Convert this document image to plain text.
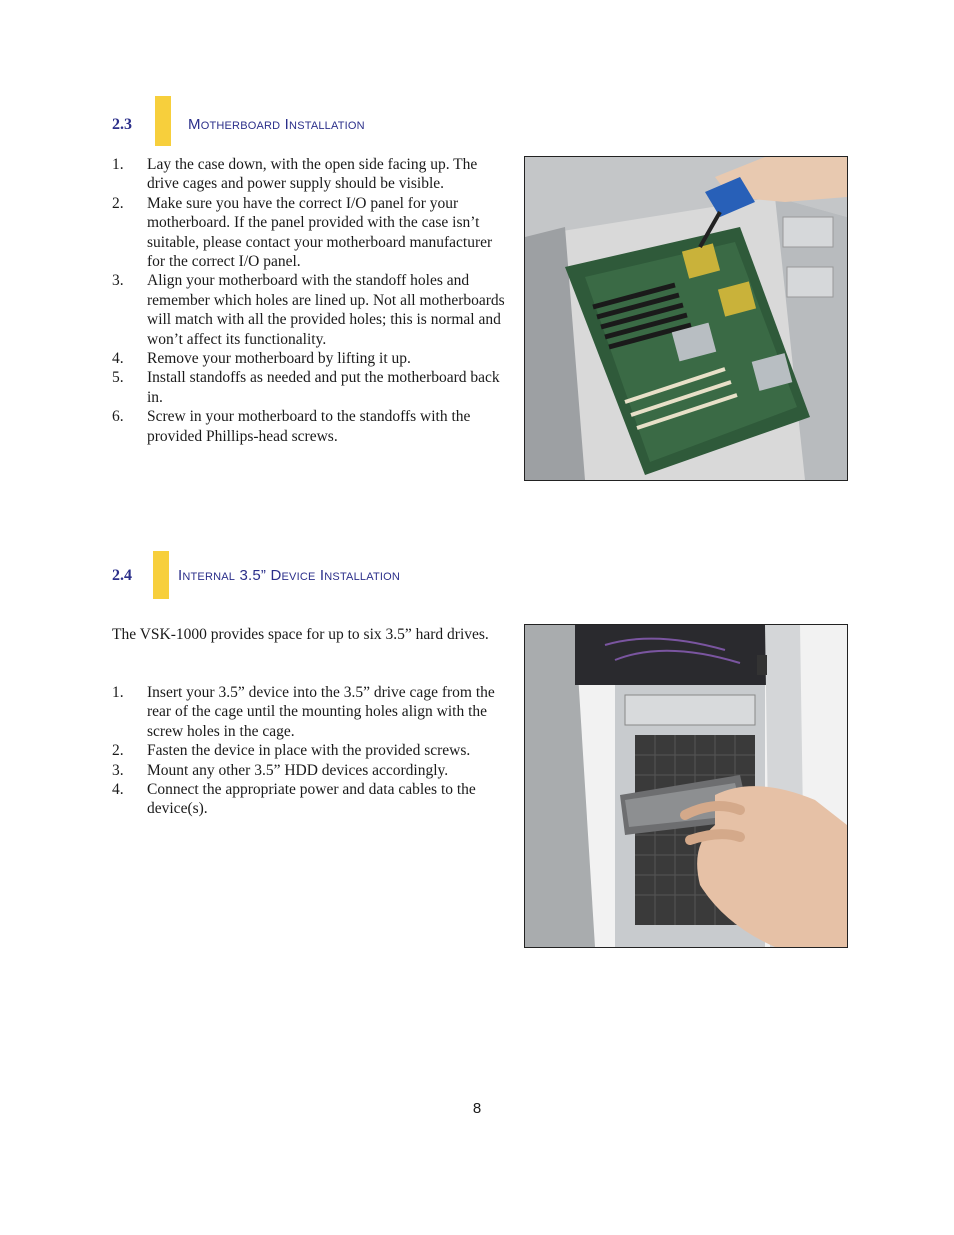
2.3	Motherboard Installation
1.	Lay the case down, with the open side facing up. The drive cages and power supply should be visible.
2.	Make sure you have the correct I/O panel for your motherboard. If the panel provided with the case isn’t suitable, please contact your motherboard manufacturer for the correct I/O panel.
3.	Align your motherboard with the standoff holes and remember which holes are lined up. Not all motherboards will match with all the provided holes; this is normal and won’t affect its functionality.
4.	Remove your motherboard by lifting it up.
5.	Install standoffs as needed and put the motherboard back in.
6.	Screw in your motherboard to the standoffs with the provided Phillips-head screws.
2.4	Internal 3.5” Device Installation
The VSK-1000 provides space for up to six 3.5” hard drives.
1.	Insert your 3.5” device into the 3.5” drive cage from the rear of the cage until the mounting holes align with the screw holes in the cage.
2.	Fasten the device in place with the provided screws.
3.	Mount any other 3.5” HDD devices accordingly.
4.	Connect the appropriate power and data cables to the device(s).
8
